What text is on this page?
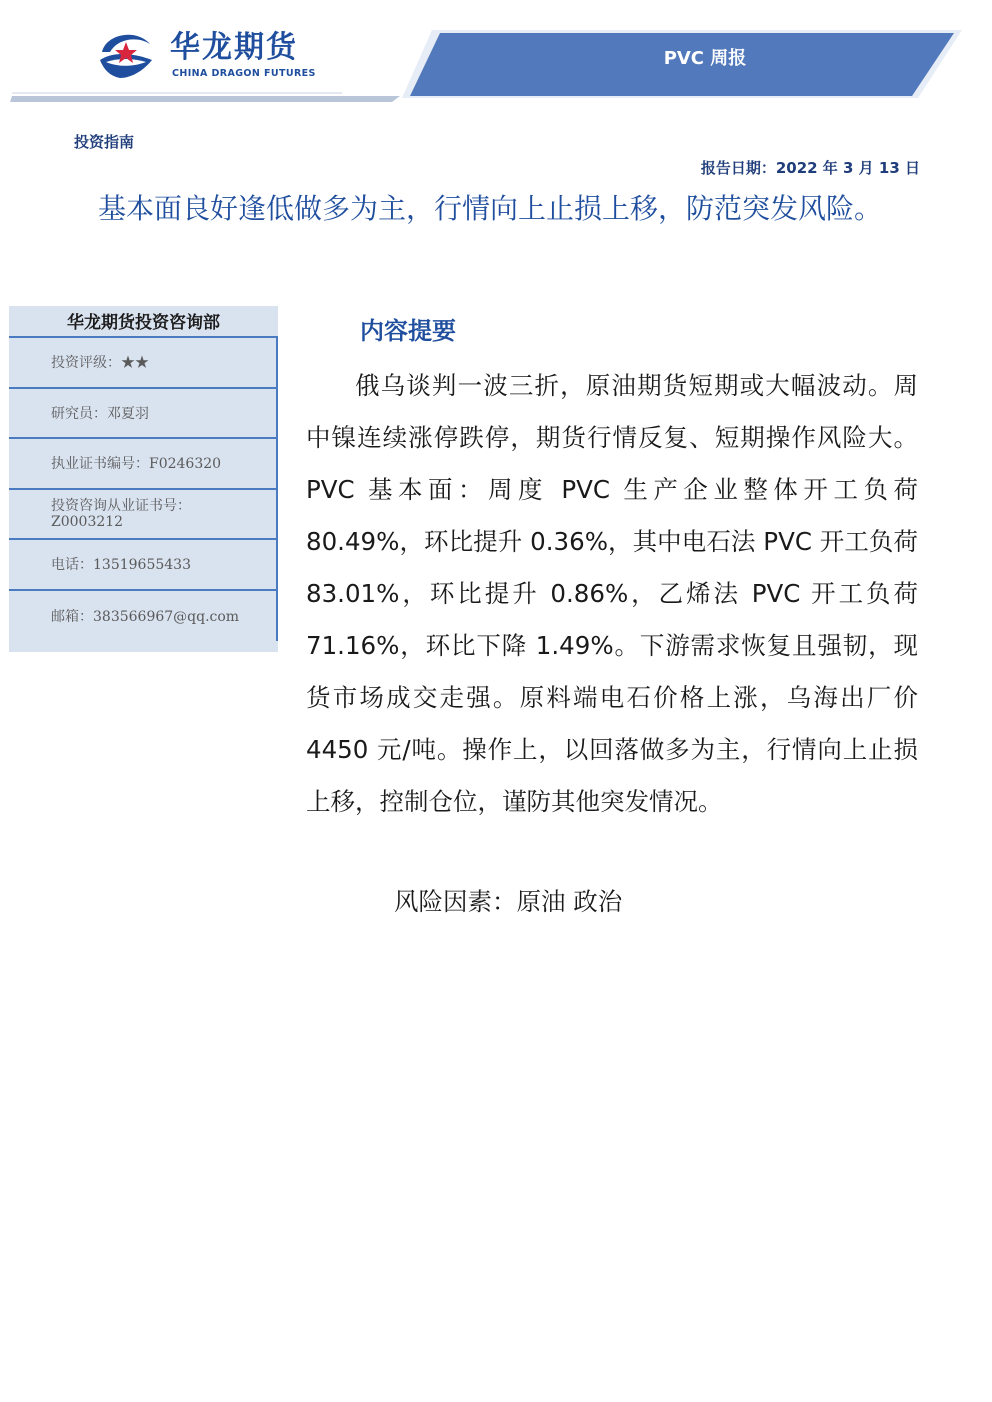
华龙期货
CHINA DRAGON FUTURES
PVC 周报
投资指南
报告日期：2022 年 3 月 13 日
基本面良好逢低做多为主，行情向上止损上移，防范突发风险。
华龙期货投资咨询部
投资评级：★★
研究员：邓夏羽
执业证书编号：F0246320
投资咨询从业证书号：
Z0003212
电话：13519655433
邮箱：383566967@qq.com
内容提要
俄乌谈判一波三折，原油期货短期或大幅波动。周中镍连续涨停跌停，期货行情反复、短期操作风险大。PVC 基本面：周度 PVC 生产企业整体开工负荷 80.49%，环比提升 0.36%，其中电石法 PVC 开工负荷 83.01%，环比提升 0.86%，乙烯法 PVC 开工负荷 71.16%，环比下降 1.49%。下游需求恢复且强韧，现货市场成交走强。原料端电石价格上涨，乌海出厂价 4450 元/吨。操作上，以回落做多为主，行情向上止损上移，控制仓位，谨防其他突发情况。
风险因素：原油 政治
